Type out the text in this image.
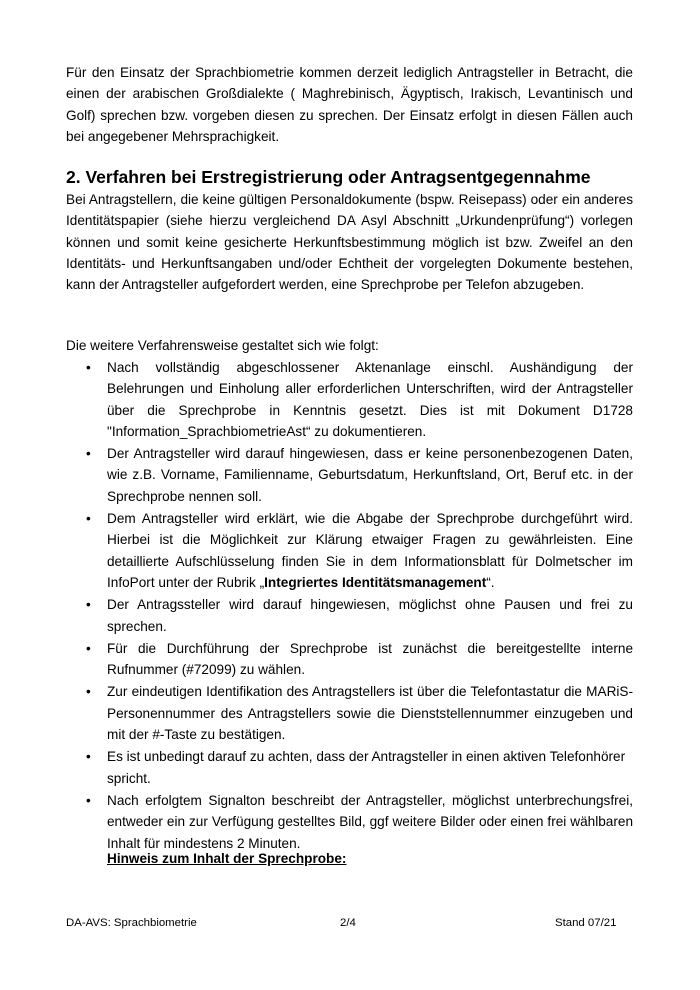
Für den Einsatz der Sprachbiometrie kommen derzeit lediglich Antragsteller in Betracht, die einen der arabischen Großdialekte ( Maghrebinisch, Ägyptisch, Irakisch, Levantinisch und Golf) sprechen bzw. vorgeben diesen zu sprechen. Der Einsatz erfolgt in diesen Fällen auch bei angegebener Mehrsprachigkeit.

2. Verfahren bei Erstregistrierung oder Antragsentgegennahme

Bei Antragstellern, die keine gültigen Personaldokumente (bspw. Reisepass) oder ein anderes Identitätspapier (siehe hierzu vergleichend DA Asyl Abschnitt „Urkundenprüfung“) vorlegen können und somit keine gesicherte Herkunftsbestimmung möglich ist bzw. Zweifel an den Identitäts- und Herkunftsangaben und/oder Echtheit der vorgelegten Dokumente bestehen, kann der Antragsteller aufgefordert werden, eine Sprechprobe per Telefon abzugeben.

Die weitere Verfahrensweise gestaltet sich wie folgt:

• Nach vollständig abgeschlossener Aktenanlage einschl. Aushändigung der Belehrungen und Einholung aller erforderlichen Unterschriften, wird der Antragsteller über die Sprechprobe in Kenntnis gesetzt. Dies ist mit Dokument D1728 "Information_SprachbiometrieAst“ zu dokumentieren.
• Der Antragsteller wird darauf hingewiesen, dass er keine personenbezogenen Daten, wie z.B. Vorname, Familienname, Geburtsdatum, Herkunftsland, Ort, Beruf etc. in der Sprechprobe nennen soll.
• Dem Antragsteller wird erklärt, wie die Abgabe der Sprechprobe durchgeführt wird. Hierbei ist die Möglichkeit zur Klärung etwaiger Fragen zu gewährleisten. Eine detaillierte Aufschlüsselung finden Sie in dem Informationsblatt für Dolmetscher im InfoPort unter der Rubrik „Integriertes Identitätsmanagement“.
• Der Antragssteller wird darauf hingewiesen, möglichst ohne Pausen und frei zu sprechen.
• Für die Durchführung der Sprechprobe ist zunächst die bereitgestellte interne Rufnummer (#72099) zu wählen.
• Zur eindeutigen Identifikation des Antragstellers ist über die Telefontastatur die MARiS-Personennummer des Antragstellers sowie die Dienststellennummer einzugeben und mit der #-Taste zu bestätigen.
• Es ist unbedingt darauf zu achten, dass der Antragsteller in einen aktiven Telefonhörer spricht.
• Nach erfolgtem Signalton beschreibt der Antragsteller, möglichst unterbrechungsfrei, entweder ein zur Verfügung gestelltes Bild, ggf weitere Bilder oder einen frei wählbaren Inhalt für mindestens 2 Minuten.

Hinweis zum Inhalt der Sprechprobe:

DA-AVS: Sprachbiometrie	2/4	Stand 07/21
